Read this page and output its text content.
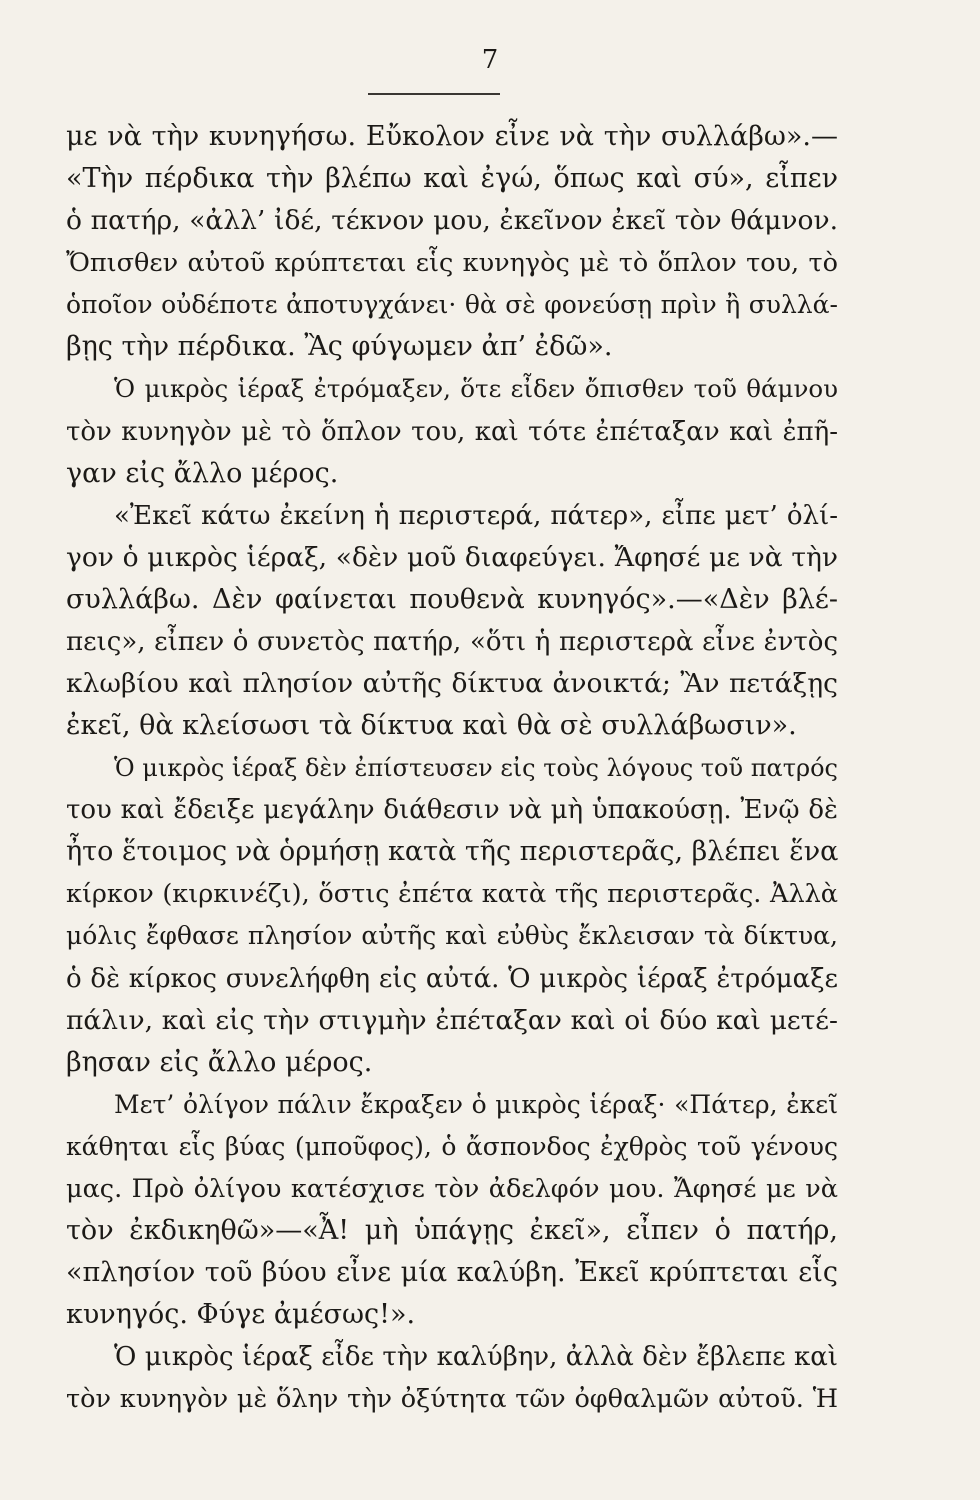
7
με νὰ τὴν κυνηγήσω. Εὔκολον εἶνε νὰ τὴν συλλάβω».—
«Τὴν πέρδικα τὴν βλέπω καὶ ἐγώ, ὅπως καὶ σύ», εἶπεν
ὁ πατήρ, «ἀλλ’ ἰδέ, τέκνον μου, ἐκεῖνον ἐκεῖ τὸν θάμνον.
Ὄπισθεν αὐτοῦ κρύπτεται εἷς κυνηγὸς μὲ τὸ ὅπλον του, τὸ
ὁποῖον οὐδέποτε ἀποτυγχάνει· θὰ σὲ φονεύσῃ πρὶν ἢ συλλά-
βῃς τὴν πέρδικα. Ἂς φύγωμεν ἀπ’ ἐδῶ».
Ὁ μικρὸς ἱέραξ ἐτρόμαξεν, ὅτε εἶδεν ὄπισθεν τοῦ θάμνου
τὸν κυνηγὸν μὲ τὸ ὅπλον του, καὶ τότε ἐπέταξαν καὶ ἐπῆ-
γαν εἰς ἄλλο μέρος.
«Ἐκεῖ κάτω ἐκείνη ἡ περιστερά, πάτερ», εἶπε μετ’ ὀλί-
γον ὁ μικρὸς ἱέραξ, «δὲν μοῦ διαφεύγει. Ἄφησέ με νὰ τὴν
συλλάβω. Δὲν φαίνεται πουθενὰ κυνηγός».—«Δὲν βλέ-
πεις», εἶπεν ὁ συνετὸς πατήρ, «ὅτι ἡ περιστερὰ εἶνε ἐντὸς
κλωβίου καὶ πλησίον αὐτῆς δίκτυα ἀνοικτά; Ἂν πετάξῃς
ἐκεῖ, θὰ κλείσωσι τὰ δίκτυα καὶ θὰ σὲ συλλάβωσιν».
Ὁ μικρὸς ἱέραξ δὲν ἐπίστευσεν εἰς τοὺς λόγους τοῦ πατρός
του καὶ ἔδειξε μεγάλην διάθεσιν νὰ μὴ ὑπακούσῃ. Ἐνῷ δὲ
ἦτο ἕτοιμος νὰ ὁρμήσῃ κατὰ τῆς περιστερᾶς, βλέπει ἕνα
κίρκον (κιρκινέζι), ὅστις ἐπέτα κατὰ τῆς περιστερᾶς. Ἀλλὰ
μόλις ἔφθασε πλησίον αὐτῆς καὶ εὐθὺς ἔκλεισαν τὰ δίκτυα,
ὁ δὲ κίρκος συνελήφθη εἰς αὐτά. Ὁ μικρὸς ἱέραξ ἐτρόμαξε
πάλιν, καὶ εἰς τὴν στιγμὴν ἐπέταξαν καὶ οἱ δύο καὶ μετέ-
βησαν εἰς ἄλλο μέρος.
Μετ’ ὀλίγον πάλιν ἔκραξεν ὁ μικρὸς ἱέραξ· «Πάτερ, ἐκεῖ
κάθηται εἷς βύας (μποῦφος), ὁ ἄσπονδος ἐχθρὸς τοῦ γένους
μας. Πρὸ ὀλίγου κατέσχισε τὸν ἀδελφόν μου. Ἄφησέ με νὰ
τὸν ἐκδικηθῶ»—«Ἆ! μὴ ὑπάγῃς ἐκεῖ», εἶπεν ὁ πατήρ,
«πλησίον τοῦ βύου εἶνε μία καλύβη. Ἐκεῖ κρύπτεται εἷς
κυνηγός. Φύγε ἀμέσως!».
Ὁ μικρὸς ἱέραξ εἶδε τὴν καλύβην, ἀλλὰ δὲν ἔβλεπε καὶ
τὸν κυνηγὸν μὲ ὅλην τὴν ὀξύτητα τῶν ὀφθαλμῶν αὐτοῦ. Ἡ
